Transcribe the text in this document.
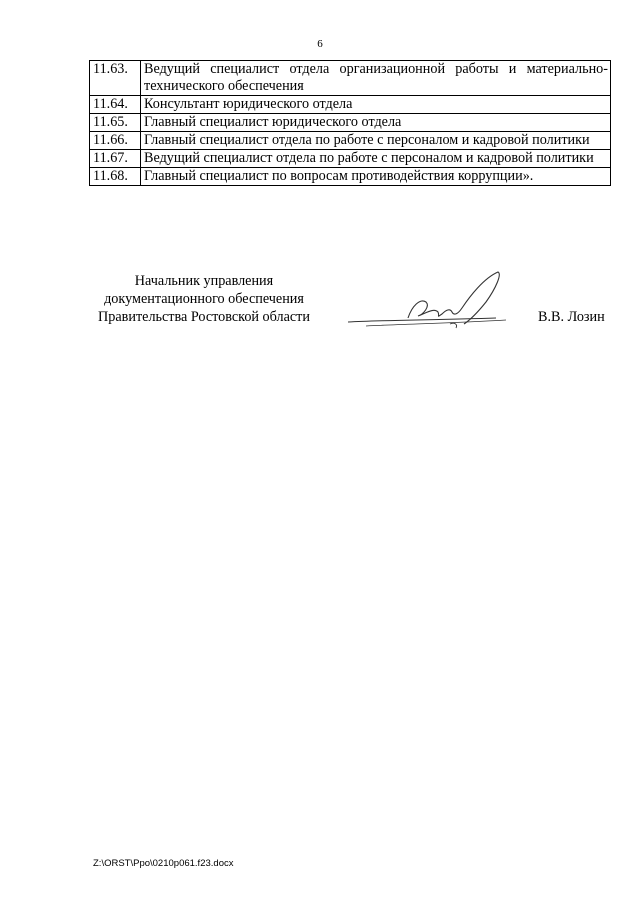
6
11.63.	Ведущий специалист отдела организационной работы и материально-технического обеспечения
11.64.	Консультант юридического отдела
11.65.	Главный специалист юридического отдела
11.66.	Главный специалист отдела по работе с персоналом и кадровой политики
11.67.	Ведущий специалист отдела по работе с персоналом и кадровой политики
11.68.	Главный специалист по вопросам противодействия коррупции».
Начальник управления
документационного обеспечения
Правительства Ростовской области	В.В. Лозин
Z:\ORST\Ppo\0210p061.f23.docx
